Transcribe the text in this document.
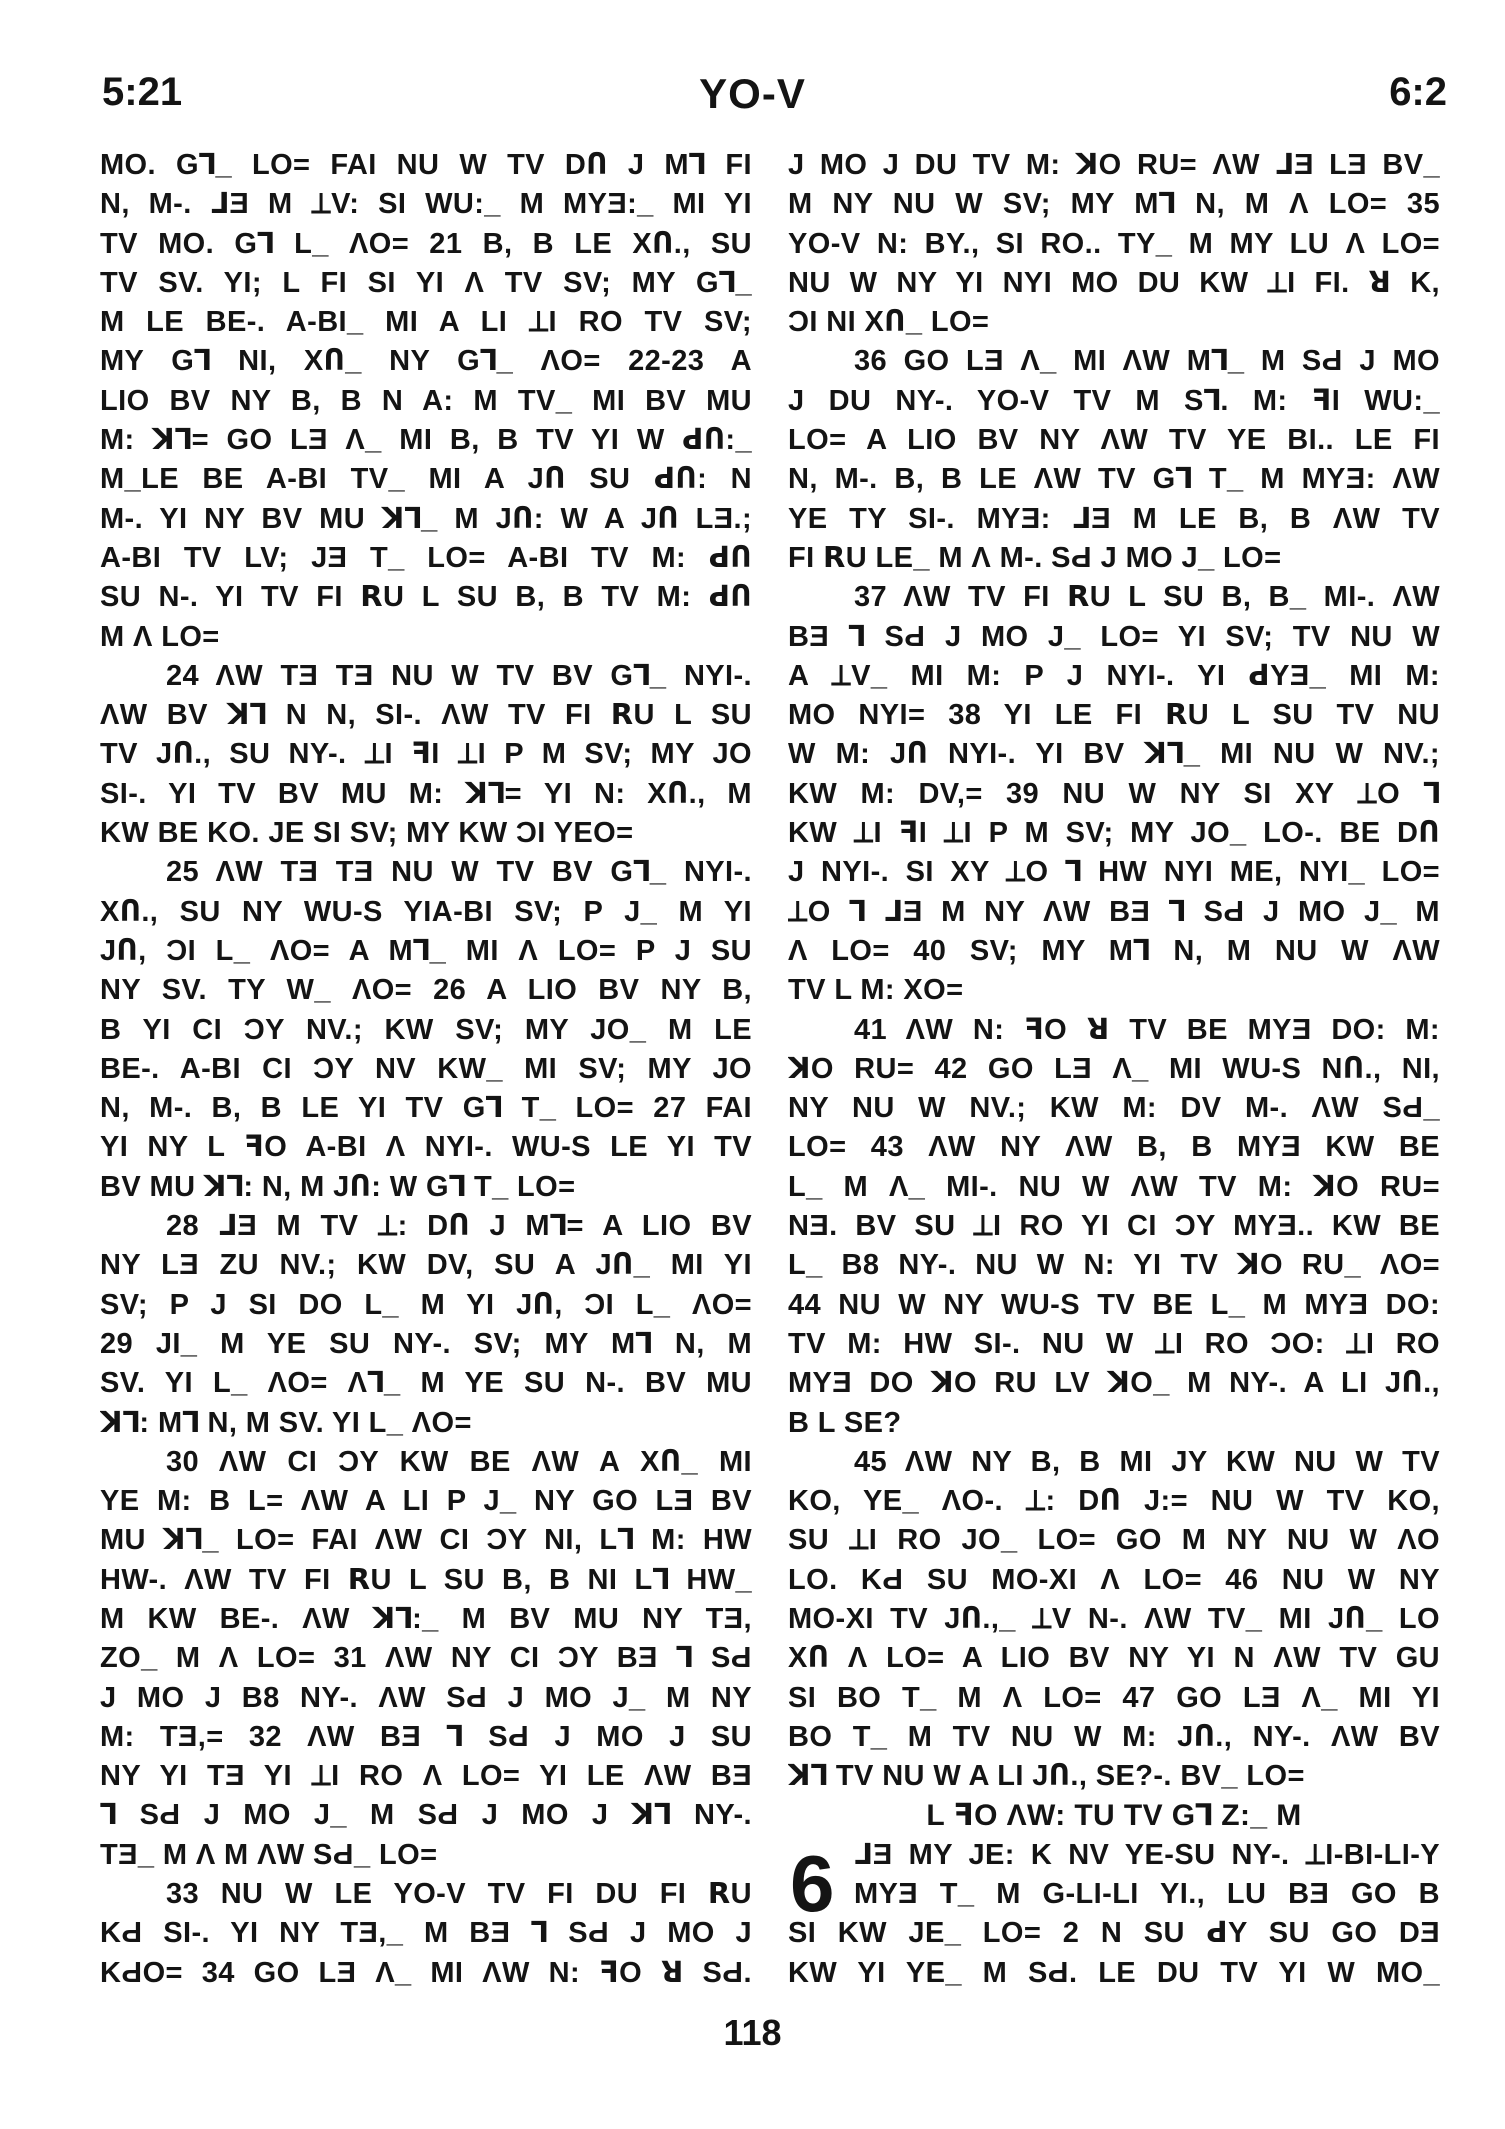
5:21	YO-V	6:2
MO. G⅂_ LO= FAI NU W TV DՈ J M⅂ FI
N, M-. ⅃Ǝ M ⟂V: SI WU:_ M MYƎ:_ MI YI
TV MO. G⅂ L_ ΛO= 21 B, B LE XՈ., SU
TV SV. YI; L FI SI YI Ʌ TV SV; MY G⅂_
M LE BE-. A-BI_ MI A LI ⟂I RO TV SV;
MY G⅂ NI, XՈ_ NY G⅂_ ΛO= 22-23 A
LIO BV NY B, B N A: M TV_ MI BV MU
M: ꓘ⅂= GO LƎ Λ_ MI B, B TV YI W ꓒՈ:_
M_LE BE A-BI TV_ MI A JՈ SU ꓒՈ: N
M-. YI NY BV MU ꓘ⅂_ M JՈ: W A JՈ LƎ.;
A-BI TV LV; JƎ T_ LO= A-BI TV M: ꓒՈ
SU N-. YI TV FI ꓣU L SU B, B TV M: ꓒՈ
M Λ LO=
24 ΛW TƎ TƎ NU W TV BV G⅂_ NYI-.
ΛW BV ꓘ⅂ N N, SI-. ΛW TV FI ꓣU L SU
TV JՈ., SU NY-. ⟂I ꟻI ⟂I P M SV; MY JO
SI-. YI TV BV MU M: ꓘ⅂= YI N: XՈ., M
KW BE KO. JE SI SV; MY KW ƆI YEO=
25 ΛW TƎ TƎ NU W TV BV G⅂_ NYI-.
XՈ., SU NY WU-S YIA-BI SV; P J_ M YI
JՈ, ƆI L_ ΛO= A M⅂_ MI Λ LO= P J SU
NY SV. TY W_ ΛO= 26 A LIO BV NY B,
B YI CI ƆY NV.; KW SV; MY JO_ M LE
BE-. A-BI CI ƆY NV KW_ MI SV; MY JO
N, M-. B, B LE YI TV G⅂ T_ LO= 27 FAI
YI NY L ꟻO A-BI Λ NYI-. WU-S LE YI TV
BV MU ꓘ⅂: N, M JՈ: W G⅂ T_ LO=
28 ⅃Ǝ M TV ⟂: DՈ J M⅂= A LIO BV
NY LƎ ZU NV.; KW DV, SU A JՈ_ MI YI
SV; P J SI DO L_ M YI JՈ, ƆI L_ ΛO=
29 JI_ M YE SU NY-. SV; MY M⅂ N, M
SV. YI L_ ΛO= Λ⅂_ M YE SU N-. BV MU
ꓘ⅂: M⅂ N, M SV. YI L_ ΛO=
30 ΛW CI ƆY KW BE ΛW A XՈ_ MI
YE M: B L= ΛW A LI P J_ NY GO LƎ BV
MU ꓘ⅂_ LO= FAI ΛW CI ƆY NI, L⅂ M: HW
HW-. ΛW TV FI ꓣU L SU B, B NI L⅂ HW_
M KW BE-. ΛW ꓘ⅂:_ M BV MU NY TƎ,
ZO_ M Λ LO= 31 ΛW NY CI ƆY BƎ ⅂ SԀ
J MO J B8 NY-. ΛW SԀ J MO J_ M NY
M: TƎ,= 32 ΛW BƎ ⅂ SԀ J MO J SU
NY YI TƎ YI ⟂I RO Λ LO= YI LE ΛW BƎ
⅂ SԀ J MO J_ M SԀ J MO J ꓘ⅂ NY-.
TƎ_ M Λ M ΛW SԀ_ LO=
33 NU W LE YO-V TV FI DU FI ꓣU
KԀ SI-. YI NY TƎ,_ M BƎ ⅂ SԀ J MO J
KԀO= 34 GO LƎ Λ_ MI ΛW N: ꟻO ꓤ SԀ.
J MO J DU TV M: ꓘO RU= ΛW ⅃Ǝ LƎ BV_
M NY NU W SV; MY M⅂ N, M Λ LO= 35
YO-V N: BY., SI RO.. TY_ M MY LU Λ LO=
NU W NY YI NYI MO DU KW ⟂I FI. ꓤ K,
ƆI NI XՈ_ LO=
36 GO LƎ Λ_ MI ΛW M⅂_ M SԀ J MO
J DU NY-. YO-V TV M S⅂. M: ꟻI WU:_
LO= A LIO BV NY ΛW TV YE BI.. LE FI
N, M-. B, B LE ΛW TV G⅂ T_ M MYƎ: ΛW
YE TY SI-. MYƎ: ⅃Ǝ M LE B, B ΛW TV
FI ꓣU LE_ M Λ M-. SԀ J MO J_ LO=
37 ΛW TV FI ꓣU L SU B, B_ MI-. ΛW
BƎ ⅂ SԀ J MO J_ LO= YI SV; TV NU W
A ⟂V_ MI M: P J NYI-. YI ꓒYƎ_ MI M:
MO NYI= 38 YI LE FI ꓣU L SU TV NU
W M: JՈ NYI-. YI BV ꓘ⅂_ MI NU W NV.;
KW M: DV,= 39 NU W NY SI XY ⟂O ⅂
KW ⟂I ꟻI ⟂I P M SV; MY JO_ LO-. BE DՈ
J NYI-. SI XY ⟂O ⅂ HW NYI ME, NYI_ LO=
⟂O ⅂ ⅃Ǝ M NY ΛW BƎ ⅂ SԀ J MO J_ M
Λ LO= 40 SV; MY M⅂ N, M NU W ΛW
TV L M: XO=
41 ΛW N: ꟻO ꓤ TV BE MYƎ DO: M:
ꓘO RU= 42 GO LƎ Λ_ MI WU-S NՈ., NI,
NY NU W NV.; KW M: DV M-. ΛW SԀ_
LO= 43 ΛW NY ΛW B, B MYƎ KW BE
L_ M Λ_ MI-. NU W ΛW TV M: ꓘO RU=
NƎ. BV SU ⟂I RO YI CI ƆY MYƎ.. KW BE
L_ B8 NY-. NU W N: YI TV ꓘO RU_ ΛO=
44 NU W NY WU-S TV BE L_ M MYƎ DO:
TV M: HW SI-. NU W ⟂I RO ƆO: ⟂I RO
MYƎ DO ꓘO RU LV ꓘO_ M NY-. A LI JՈ.,
B L SE?
45 ΛW NY B, B MI JY KW NU W TV
KO, YE_ ΛO-. ⟂: DՈ J:= NU W TV KO,
SU ⟂I RO JO_ LO= GO M NY NU W ΛO
LO. KԀ SU MO-XI Λ LO= 46 NU W NY
MO-XI TV JՈ.,_ ⟂V N-. ΛW TV_ MI JՈ_ LO
XՈ Λ LO= A LIO BV NY YI N ΛW TV GU
SI BO T_ M Λ LO= 47 GO LƎ Λ_ MI YI
BO T_ M TV NU W M: JՈ., NY-. ΛW BV
ꓘ⅂ TV NU W A LI JՈ., SE?-. BV_ LO=
L ꟻO ΛW: TU TV G⅂ Z:_ M
6 ⅃Ǝ MY JE: K NV YE-SU NY-. ⟂I-BI-LI-Y
MYƎ T_ M G-LI-LI YI., LU BƎ GO B
SI KW JE_ LO= 2 N SU ꓒY SU GO DƎ
KW YI YE_ M SԀ. LE DU TV YI W MO_
118
